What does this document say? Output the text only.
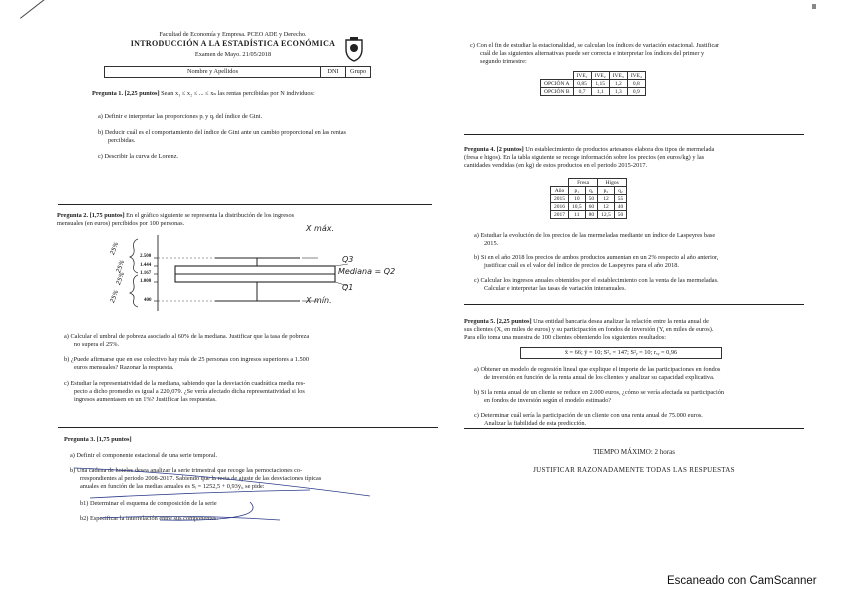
Facultad de Economía y Empresa. PCEO ADE y Derecho.
INTRODUCCIÓN A LA ESTADÍSTICA ECONÓMICA
Examen de Mayo. 21/05/2018
Nombre y Apellidos	DNI	Grupo
Pregunta 1. [2,25 puntos] Sean x₁ ≤ x₂ ≤ ... ≤ xₙ las rentas percibidas por N individuos:
a) Definir e interpretar las proporciones pᵢ y qᵢ del índice de Gini.
b) Deducir cuál es el comportamiento del índice de Gini ante un cambio proporcional en las rentas
percibidas.
c) Describir la curva de Lorenz.
Pregunta 2. [1,75 puntos] En el gráfico siguiente se representa la distribución de los ingresos
mensuales (en euros) percibidos por 100 personas.
2.500
1.444
1.167
1.000
400
X máx.
Q3
Mediana = Q2
Q1
X mín.
25%
25%
25%
25%
a) Calcular el umbral de pobreza asociado al 60% de la mediana. Justificar que la tasa de pobreza
no supera el 25%.
b) ¿Puede afirmarse que en ese colectivo hay más de 25 personas con ingresos superiores a 1.500
euros mensuales? Razonar la respuesta.
c) Estudiar la representatividad de la mediana, sabiendo que la desviación cuadrática media res-
pecto a dicho promedio es igual a 220,079. ¿Se vería afectado dicha representatividad si los
ingresos aumentasen en un 1%? Justificar las respuestas.
Pregunta 3. [1,75 puntos]
a) Definir el componente estacional de una serie temporal.
b) Una cadena de hoteles desea analizar la serie trimestral que recoge las pernoctaciones co-
rrespondientes al periodo 2008-2017. Sabiendo que la recta de ajuste de las desviaciones típicas
anuales en función de las medias anuales es Sᵢ = 1252,5 + 0,93ȳᵢ, se pide:
b1) Determinar el esquema de composición de la serie
b2) Especificar la interrelación entre sus componentes.
c) Con el fin de estudiar la estacionalidad, se calculan los índices de variación estacional. Justificar
cuál de las siguientes alternativas puede ser correcta e interpretar los índices del primer y
segundo trimestre:
	IVE₁	IVE₂	IVE₃	IVE₄
OPCIÓN A	0,85	1,15	1,2	0,8
OPCIÓN B	0,7	1,1	1,3	0,9
Pregunta 4. [2 puntos] Un establecimiento de productos artesanos elabora dos tipos de mermelada
(fresa e higos). En la tabla siguiente se recoge información sobre los precios (en euros/kg) y las
cantidades vendidas (en kg) de estos productos en el periodo 2015-2017.
	Fresa		Higos	
Año	p₁	q₁	p₂	q₂
2015	10	50	12	55
2016	10,5	60	12	40
2017	11	80	12,5	50
a) Estudiar la evolución de los precios de las mermeladas mediante un índice de Laspeyres base
2015.
b) Si en el año 2018 los precios de ambos productos aumentan en un 2% respecto al año anterior,
justificar cuál es el valor del índice de precios de Laspeyres para el año 2018.
c) Calcular los ingresos anuales obtenidos por el establecimiento con la venta de las mermeladas.
Calcular e interpretar las tasas de variación interanuales.
Pregunta 5. [2,25 puntos] Una entidad bancaria desea analizar la relación entre la renta anual de
sus clientes (X, en miles de euros) y su participación en fondos de inversión (Y, en miles de euros).
Para ello toma una muestra de 100 clientes obteniendo los siguientes resultados:
x̄ = 66; ȳ = 10; S²ₓ = 147; S²ᵧ = 10; rₓᵧ = 0,96
a) Obtener un modelo de regresión lineal que explique el importe de las participaciones en fondos
de inversión en función de la renta anual de los clientes y analizar su capacidad explicativa.
b) Si la renta anual de un cliente se reduce en 2.000 euros, ¿cómo se vería afectada su participación
en fondos de inversión según el modelo estimado?
c) Determinar cuál sería la participación de un cliente con una renta anual de 75.000 euros.
Analizar la fiabilidad de esta predicción.
TIEMPO MÁXIMO: 2 horas
JUSTIFICAR RAZONADAMENTE TODAS LAS RESPUESTAS
Escaneado con CamScanner
